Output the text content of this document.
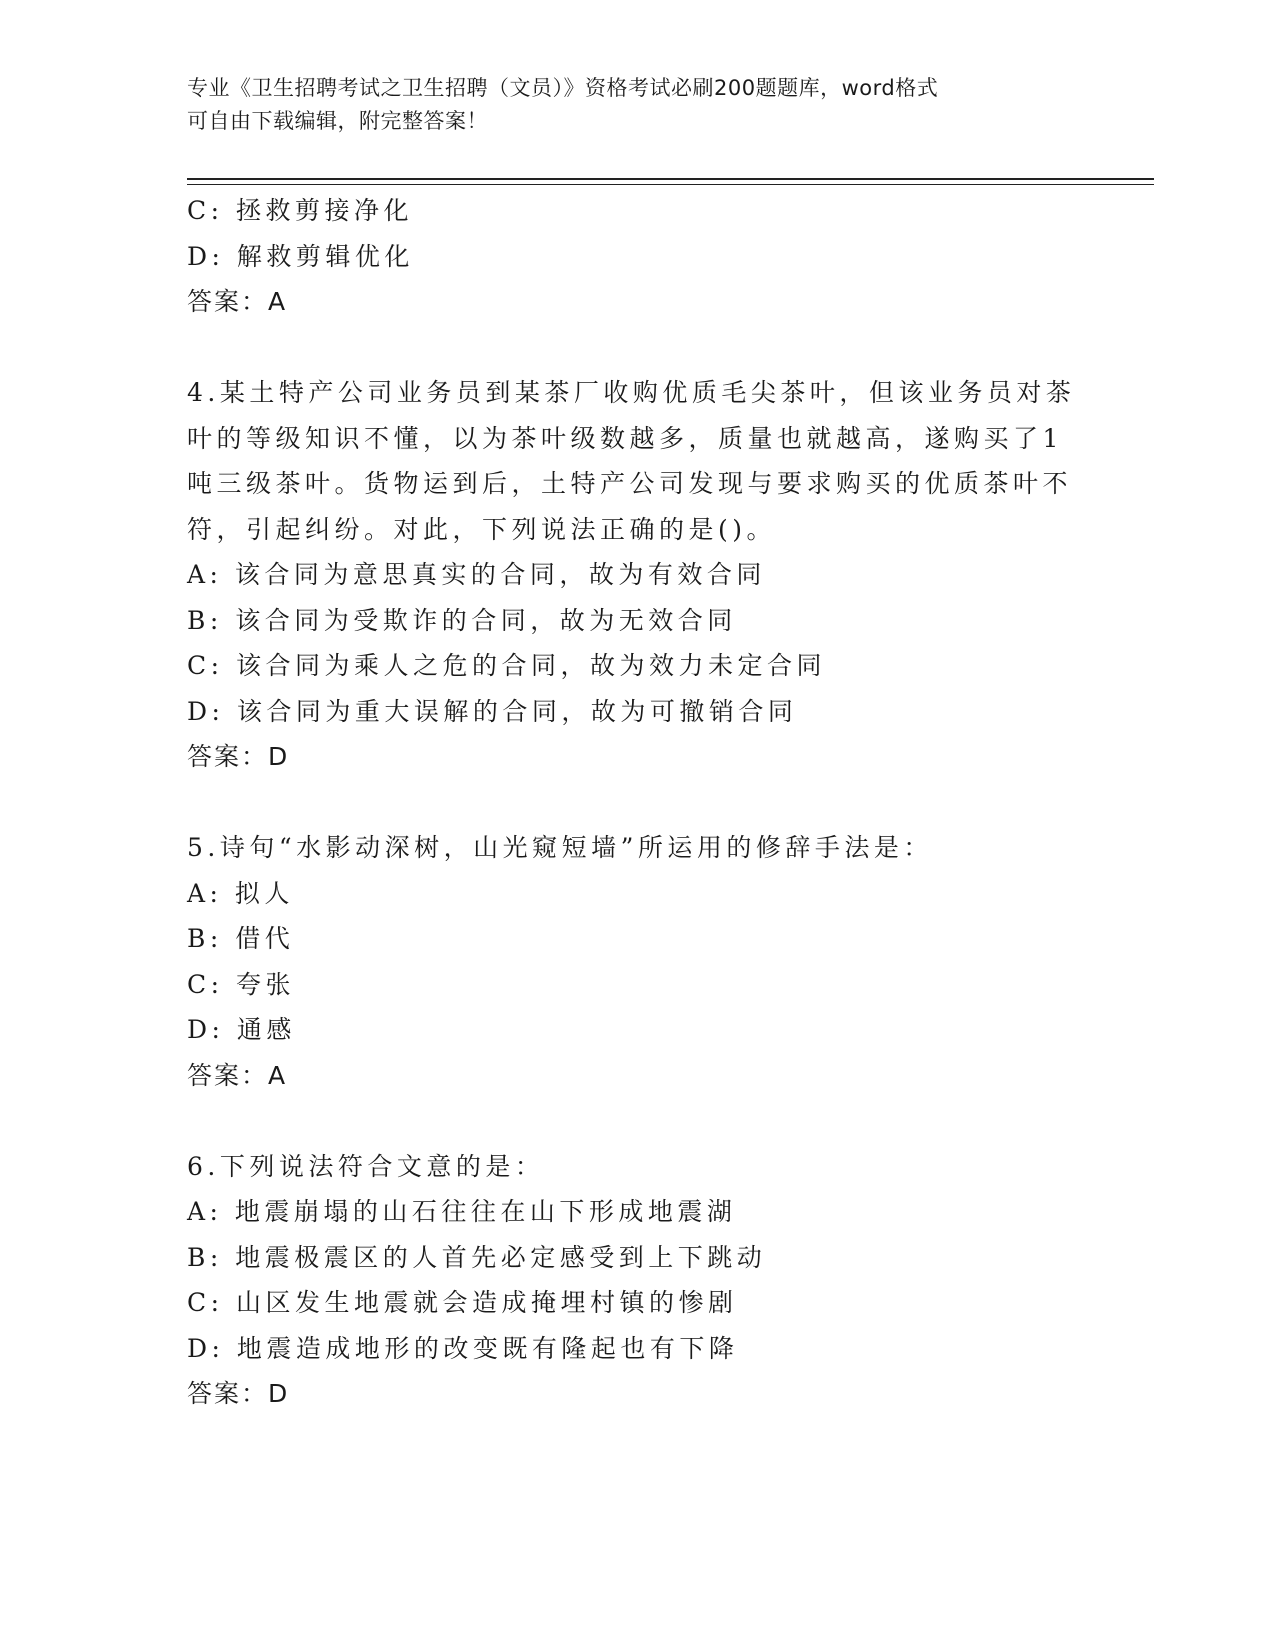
专业《卫生招聘考试之卫生招聘（文员）》资格考试必刷200题题库，word格式
可自由下载编辑，附完整答案！
C: 拯救剪接净化
D: 解救剪辑优化
答案：A
4.某土特产公司业务员到某茶厂收购优质毛尖茶叶，但该业务员对茶
叶的等级知识不懂，以为茶叶级数越多，质量也就越高，遂购买了1
吨三级茶叶。货物运到后，土特产公司发现与要求购买的优质茶叶不
符，引起纠纷。对此，下列说法正确的是()。
A: 该合同为意思真实的合同，故为有效合同
B: 该合同为受欺诈的合同，故为无效合同
C: 该合同为乘人之危的合同，故为效力未定合同
D: 该合同为重大误解的合同，故为可撤销合同
答案：D
5.诗句“水影动深树，山光窥短墙”所运用的修辞手法是：
A: 拟人
B: 借代
C: 夸张
D: 通感
答案：A
6.下列说法符合文意的是：
A: 地震崩塌的山石往往在山下形成地震湖
B: 地震极震区的人首先必定感受到上下跳动
C: 山区发生地震就会造成掩埋村镇的惨剧
D: 地震造成地形的改变既有隆起也有下降
答案：D
